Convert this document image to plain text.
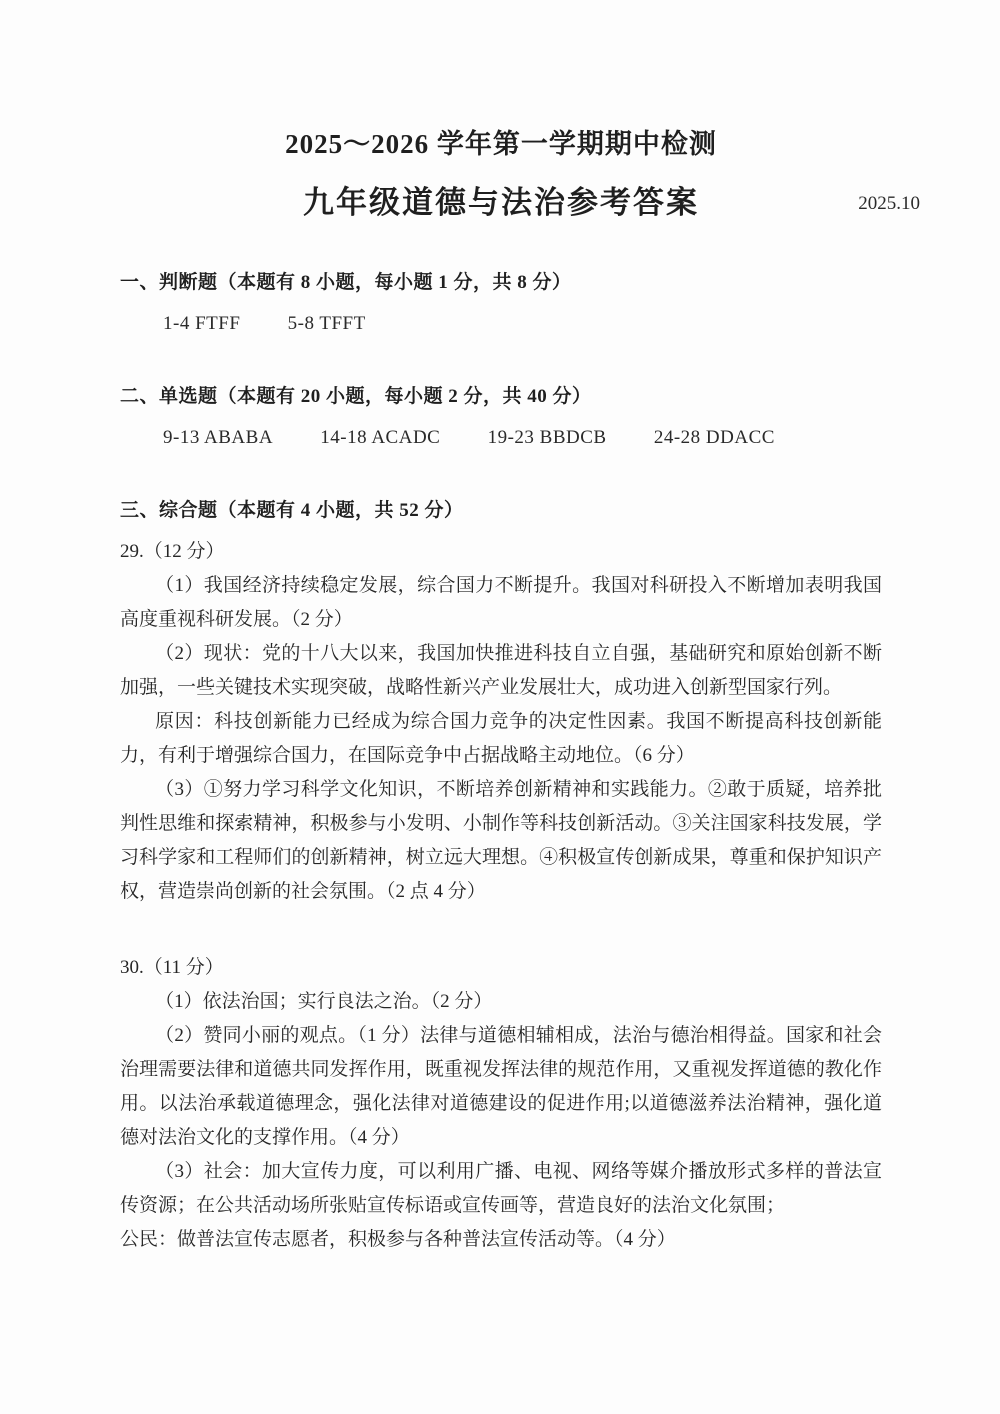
2025～2026 学年第一学期期中检测
九年级道德与法治参考答案	2025.10
一、判断题（本题有 8 小题，每小题 1 分，共 8 分）

1-4 FTFF 5-8 TFFT

二、单选题（本题有 20 小题，每小题 2 分，共 40 分）

9-13 ABABA 14-18 ACADC 19-23 BBDCB 24-28 DDACC

三、综合题（本题有 4 小题，共 52 分）

29.（12 分）

（1）我国经济持续稳定发展，综合国力不断提升。我国对科研投入不断增加表明我国高度重视科研发展。（2 分）

（2）现状：党的十八大以来，我国加快推进科技自立自强，基础研究和原始创新不断加强，一些关键技术实现突破，战略性新兴产业发展壮大，成功进入创新型国家行列。

原因：科技创新能力已经成为综合国力竞争的决定性因素。我国不断提高科技创新能力，有利于增强综合国力，在国际竞争中占据战略主动地位。（6 分）

（3）①努力学习科学文化知识，不断培养创新精神和实践能力。②敢于质疑，培养批判性思维和探索精神，积极参与小发明、小制作等科技创新活动。③关注国家科技发展，学习科学家和工程师们的创新精神，树立远大理想。④积极宣传创新成果，尊重和保护知识产权，营造崇尚创新的社会氛围。（2 点 4 分）

30.（11 分）

（1）依法治国；实行良法之治。（2 分）

（2）赞同小丽的观点。（1 分）法律与道德相辅相成，法治与德治相得益。国家和社会治理需要法律和道德共同发挥作用，既重视发挥法律的规范作用，又重视发挥道德的教化作用。以法治承载道德理念，强化法律对道德建设的促进作用;以道德滋养法治精神，强化道德对法治文化的支撑作用。（4 分）

（3）社会：加大宣传力度，可以利用广播、电视、网络等媒介播放形式多样的普法宣传资源；在公共活动场所张贴宣传标语或宣传画等，营造良好的法治文化氛围；

公民：做普法宣传志愿者，积极参与各种普法宣传活动等。（4 分）
